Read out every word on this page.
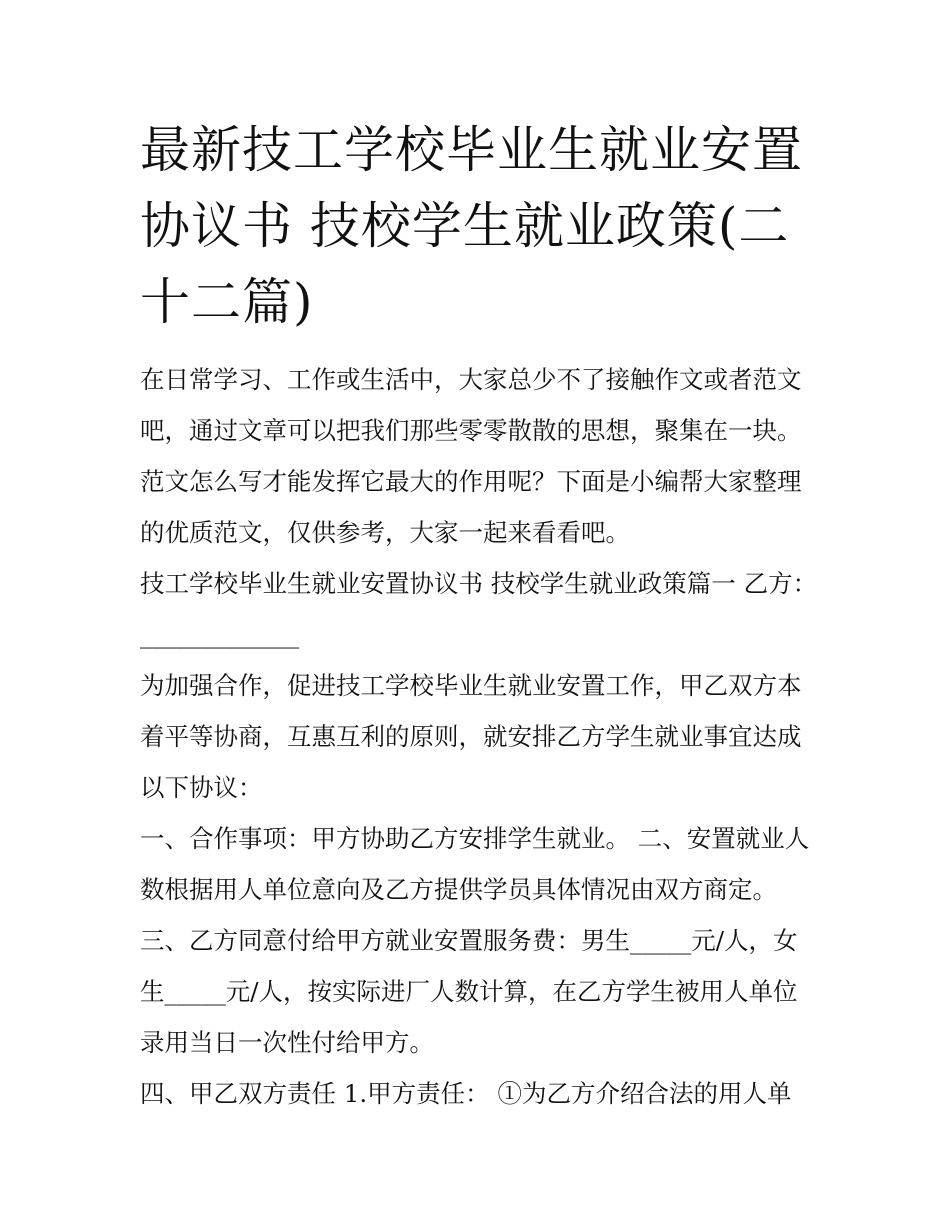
最新技工学校毕业生就业安置协议书 技校学生就业政策(二十二篇)

在日常学习、工作或生活中，大家总少不了接触作文或者范文吧，通过文章可以把我们那些零零散散的思想，聚集在一块。范文怎么写才能发挥它最大的作用呢？下面是小编帮大家整理的优质范文，仅供参考，大家一起来看看吧。

技工学校毕业生就业安置协议书 技校学生就业政策篇一 乙方：_____________

为加强合作，促进技工学校毕业生就业安置工作，甲乙双方本着平等协商，互惠互利的原则，就安排乙方学生就业事宜达成以下协议：

一、合作事项：甲方协助乙方安排学生就业。 二、安置就业人数根据用人单位意向及乙方提供学员具体情况由双方商定。

三、乙方同意付给甲方就业安置服务费：男生_____元/人，女生_____元/人，按实际进厂人数计算，在乙方学生被用人单位录用当日一次性付给甲方。

四、甲乙双方责任 1.甲方责任： ①为乙方介绍合法的用人单
